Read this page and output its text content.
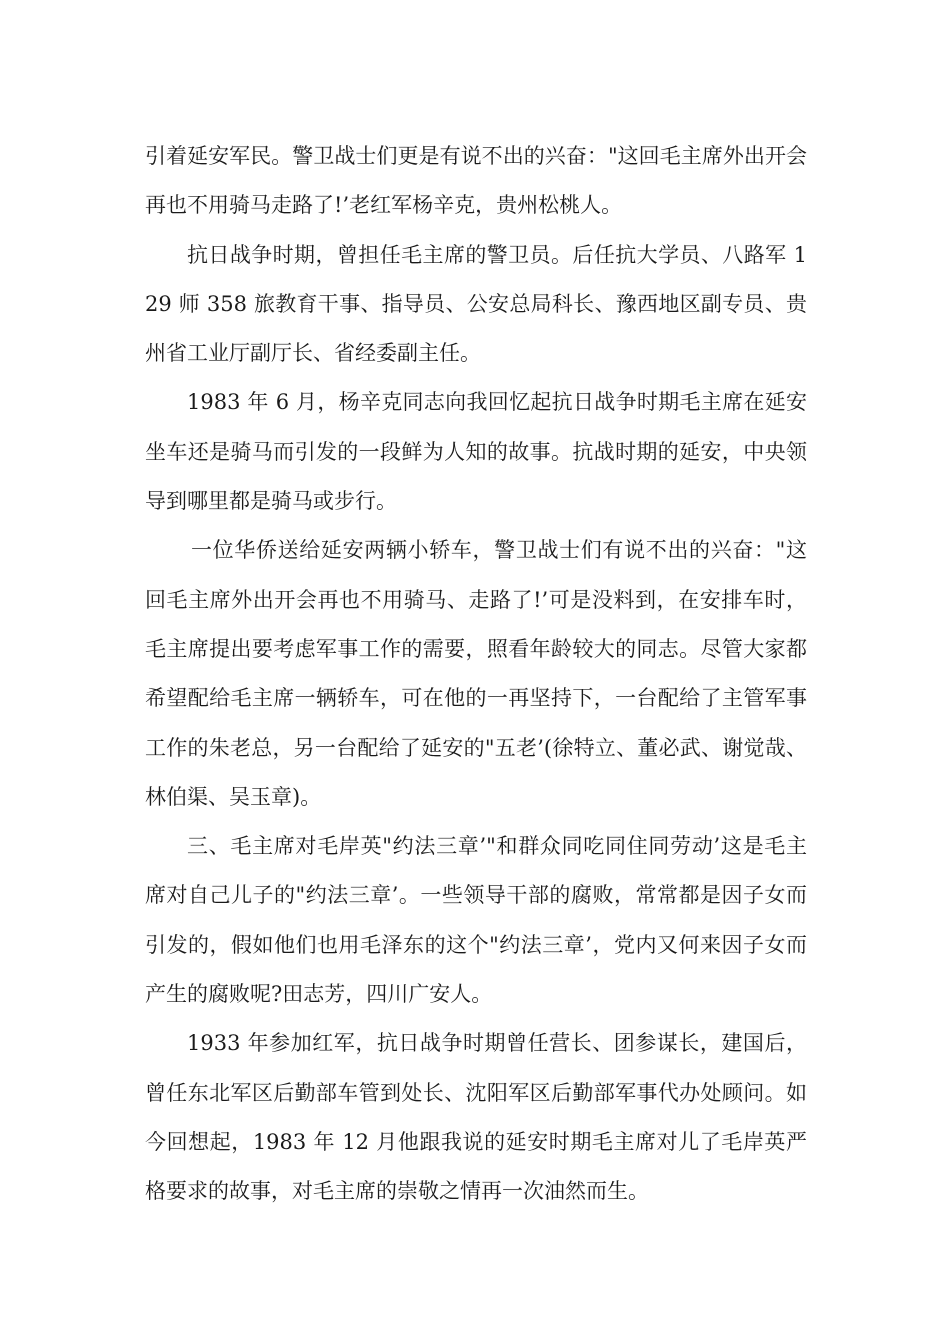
引着延安军民。警卫战士们更是有说不出的兴奋："这回毛主席外出开会再也不用骑马走路了!’老红军杨辛克，贵州松桃人。

抗日战争时期，曾担任毛主席的警卫员。后任抗大学员、八路军 129 师 358 旅教育干事、指导员、公安总局科长、豫西地区副专员、贵州省工业厅副厅长、省经委副主任。

1983 年 6 月，杨辛克同志向我回忆起抗日战争时期毛主席在延安坐车还是骑马而引发的一段鲜为人知的故事。抗战时期的延安，中央领导到哪里都是骑马或步行。

一位华侨送给延安两辆小轿车，警卫战士们有说不出的兴奋："这回毛主席外出开会再也不用骑马、走路了!’可是没料到，在安排车时，毛主席提出要考虑军事工作的需要，照看年龄较大的同志。尽管大家都希望配给毛主席一辆轿车，可在他的一再坚持下，一台配给了主管军事工作的朱老总，另一台配给了延安的"五老’(徐特立、董必武、谢觉哉、林伯渠、吴玉章)。

三、毛主席对毛岸英"约法三章’"和群众同吃同住同劳动’这是毛主席对自己儿子的"约法三章’。一些领导干部的腐败，常常都是因子女而引发的，假如他们也用毛泽东的这个"约法三章’，党内又何来因子女而产生的腐败呢?田志芳，四川广安人。

1933 年参加红军，抗日战争时期曾任营长、团参谋长，建国后，曾任东北军区后勤部车管到处长、沈阳军区后勤部军事代办处顾问。如今回想起，1983 年 12 月他跟我说的延安时期毛主席对儿了毛岸英严格要求的故事，对毛主席的崇敬之情再一次油然而生。
